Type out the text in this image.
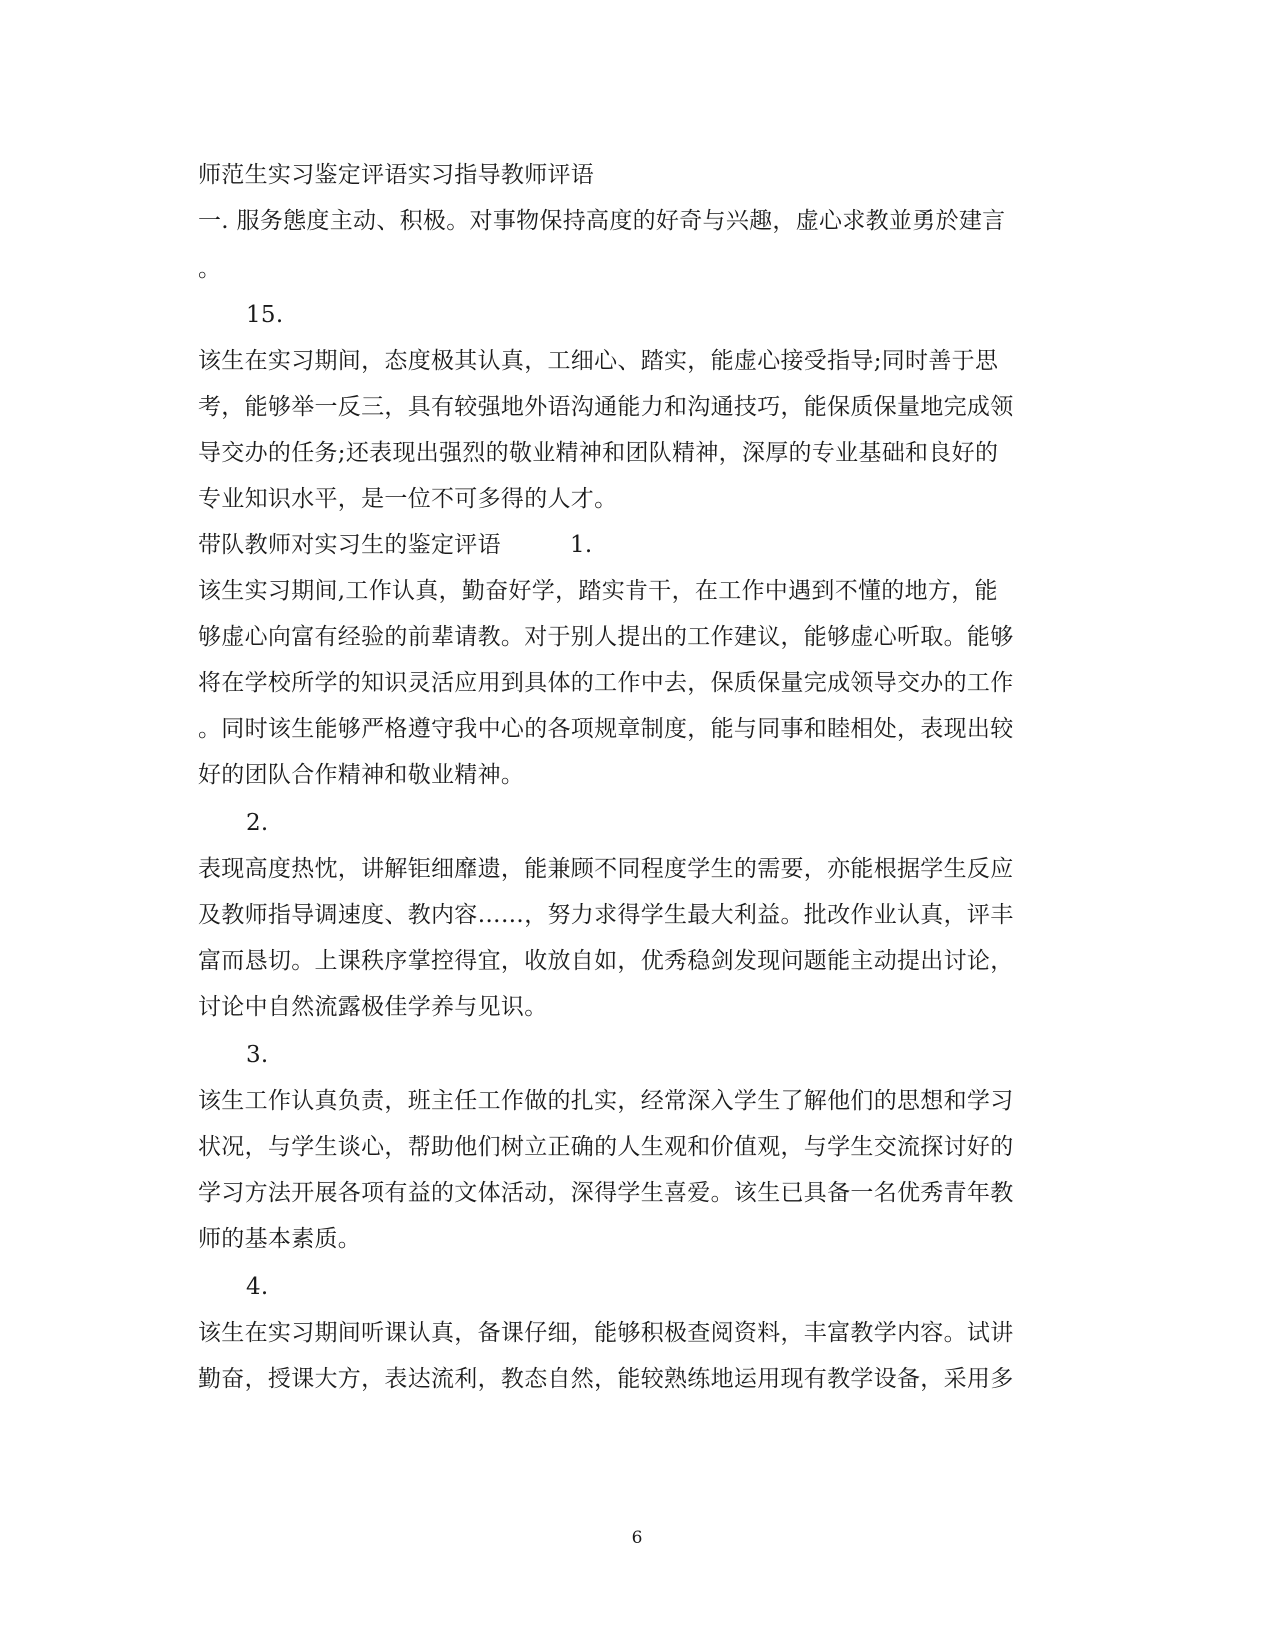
师范生实习鉴定评语实习指导教师评语
一. 服务態度主动、积极。对事物保持高度的好奇与兴趣，虚心求教並勇於建言
。
15.
该生在实习期间，态度极其认真，工细心、踏实，能虚心接受指导;同时善于思
考，能够举一反三，具有较强地外语沟通能力和沟通技巧，能保质保量地完成领
导交办的任务;还表现出强烈的敬业精神和团队精神，深厚的专业基础和良好的
专业知识水平，是一位不可多得的人才。
带队教师对实习生的鉴定评语	1.
该生实习期间,工作认真，勤奋好学，踏实肯干，在工作中遇到不懂的地方，能
够虚心向富有经验的前辈请教。对于别人提出的工作建议，能够虚心听取。能够
将在学校所学的知识灵活应用到具体的工作中去，保质保量完成领导交办的工作
。同时该生能够严格遵守我中心的各项规章制度，能与同事和睦相处，表现出较
好的团队合作精神和敬业精神。
2.
表现高度热忱，讲解钜细靡遗，能兼顾不同程度学生的需要，亦能根据学生反应
及教师指导调速度、教内容……，努力求得学生最大利益。批改作业认真，评丰
富而恳切。上课秩序掌控得宜，收放自如，优秀稳剑发现问题能主动提出讨论，
讨论中自然流露极佳学养与见识。
3.
该生工作认真负责，班主任工作做的扎实，经常深入学生了解他们的思想和学习
状况，与学生谈心，帮助他们树立正确的人生观和价值观，与学生交流探讨好的
学习方法开展各项有益的文体活动，深得学生喜爱。该生已具备一名优秀青年教
师的基本素质。
4.
该生在实习期间听课认真，备课仔细，能够积极查阅资料，丰富教学内容。试讲
勤奋，授课大方，表达流利，教态自然，能较熟练地运用现有教学设备，采用多
6
